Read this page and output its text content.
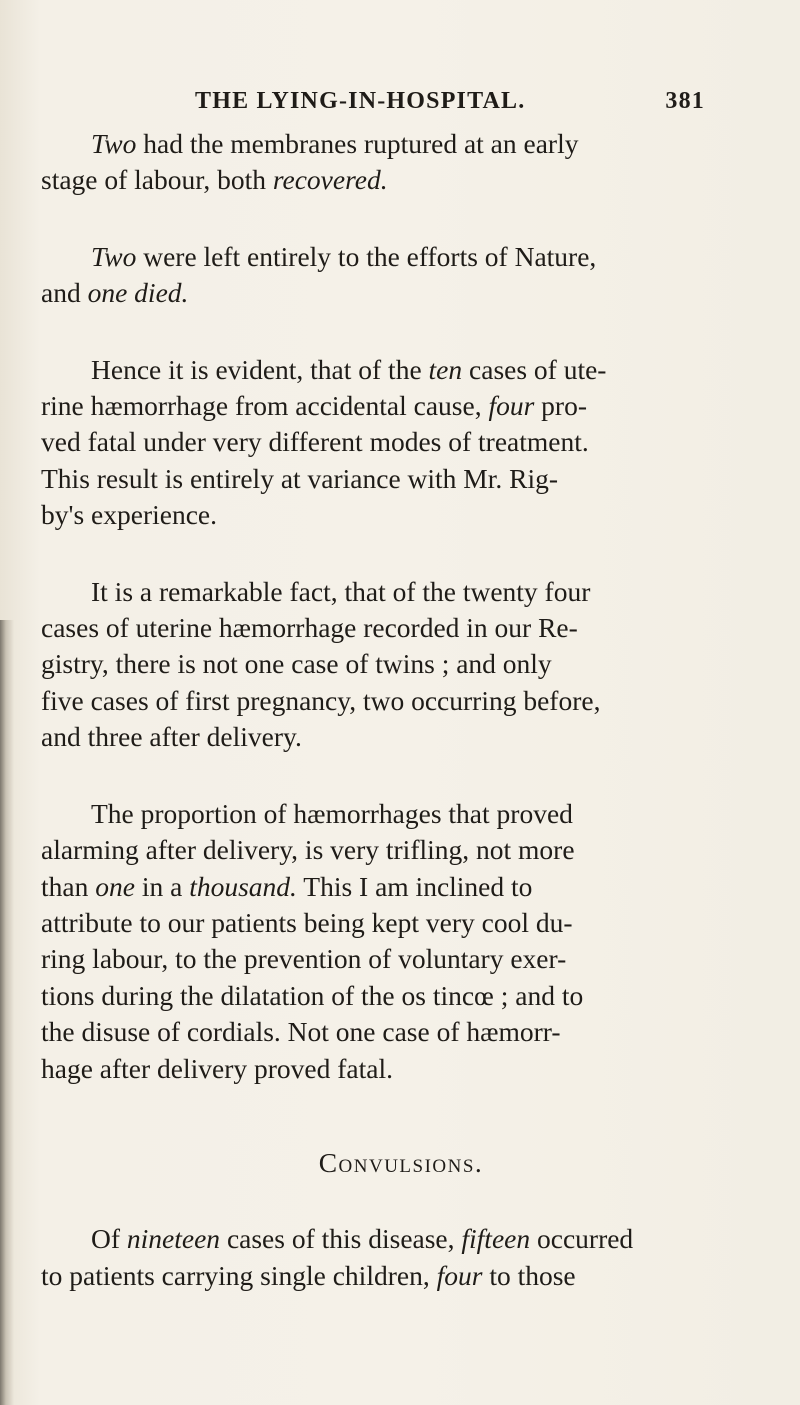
THE LYING-IN-HOSPITAL.	381

Two had the membranes ruptured at an early
stage of labour, both recovered.

Two were left entirely to the efforts of Nature,
and one died.

Hence it is evident, that of the ten cases of ute-
rine hæmorrhage from accidental cause, four pro-
ved fatal under very different modes of treatment.
This result is entirely at variance with Mr. Rig-
by's experience.

It is a remarkable fact, that of the twenty four
cases of uterine hæmorrhage recorded in our Re-
gistry, there is not one case of twins ; and only
five cases of first pregnancy, two occurring before,
and three after delivery.

The proportion of hæmorrhages that proved
alarming after delivery, is very trifling, not more
than one in a thousand. This I am inclined to
attribute to our patients being kept very cool du-
ring labour, to the prevention of voluntary exer-
tions during the dilatation of the os tincœ ; and to
the disuse of cordials. Not one case of hæmorr-
hage after delivery proved fatal.

Convulsions.

Of nineteen cases of this disease, fifteen occurred
to patients carrying single children, four to those
